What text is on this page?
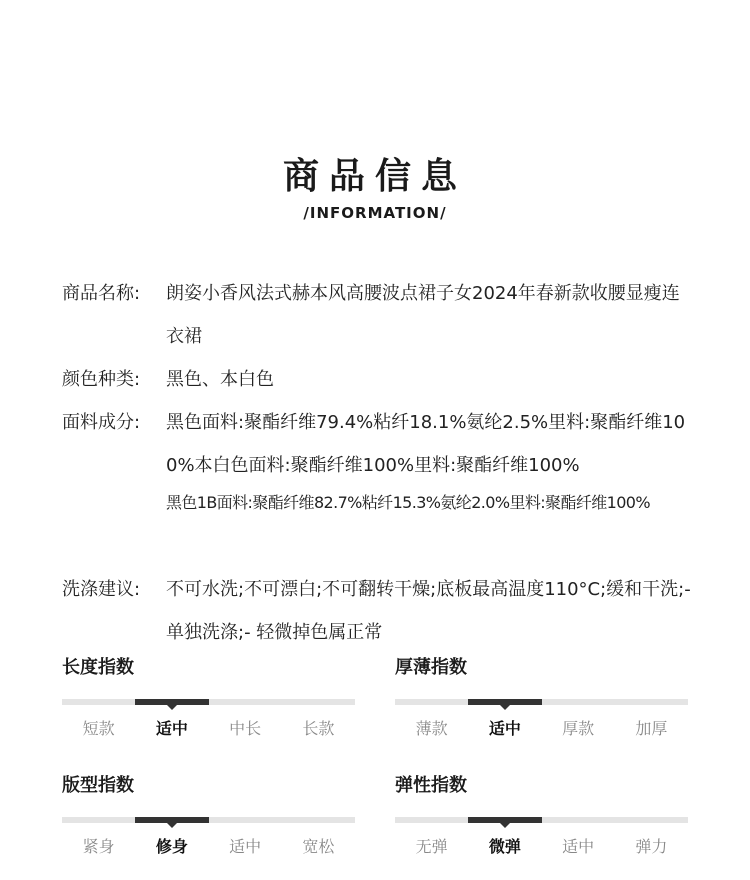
商品信息
/INFORMATION/
商品名称:	朗姿小香风法式赫本风高腰波点裙子女2024年春新款收腰显瘦连衣裙
颜色种类:	黑色、本白色
面料成分:	黑色面料:聚酯纤维79.4%粘纤18.1%氨纶2.5%里料:聚酯纤维100%本白色面料:聚酯纤维100%里料:聚酯纤维100%
黑色1B面料:聚酯纤维82.7%粘纤15.3%氨纶2.0%里料:聚酯纤维100%
洗涤建议:	不可水洗;不可漂白;不可翻转干燥;底板最高温度110°C;缓和干洗;- 单独洗涤;- 轻微掉色属正常
长度指数
短款	适中	中长	长款
厚薄指数
薄款	适中	厚款	加厚
版型指数
紧身	修身	适中	宽松
弹性指数
无弹	微弹	适中	弹力
